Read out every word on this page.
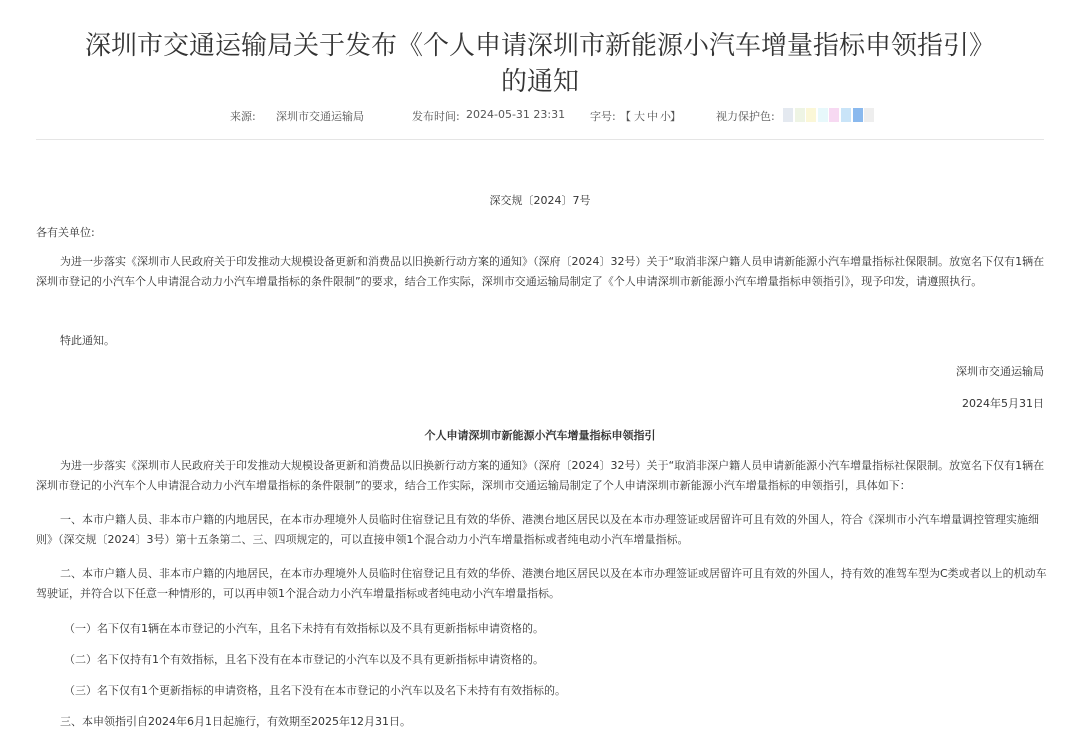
深圳市交通运输局关于发布《个人申请深圳市新能源小汽车增量指标申领指引》
的通知
来源: 深圳市交通运输局	发布时间: 2024-05-31 23:31 字号: 【 大 中 小 】	视力保护色:
深交规〔2024〕7号
各有关单位:
为进一步落实《深圳市人民政府关于印发推动大规模设备更新和消费品以旧换新行动方案的通知》（深府〔2024〕32号）关于“取消非深户籍人员申请新能源小汽车增量指标社保限制。放宽名下仅有1辆在深圳市登记的小汽车个人申请混合动力小汽车增量指标的条件限制”的要求，结合工作实际，深圳市交通运输局制定了《个人申请深圳市新能源小汽车增量指标申领指引》，现予印发，请遵照执行。
特此通知。
深圳市交通运输局
2024年5月31日
个人申请深圳市新能源小汽车增量指标申领指引
为进一步落实《深圳市人民政府关于印发推动大规模设备更新和消费品以旧换新行动方案的通知》（深府〔2024〕32号）关于“取消非深户籍人员申请新能源小汽车增量指标社保限制。放宽名下仅有1辆在深圳市登记的小汽车个人申请混合动力小汽车增量指标的条件限制”的要求，结合工作实际，深圳市交通运输局制定了个人申请深圳市新能源小汽车增量指标的申领指引，具体如下：
一、本市户籍人员、非本市户籍的内地居民，在本市办理境外人员临时住宿登记且有效的华侨、港澳台地区居民以及在本市办理签证或居留许可且有效的外国人，符合《深圳市小汽车增量调控管理实施细则》（深交规〔2024〕3号）第十五条第二、三、四项规定的，可以直接申领1个混合动力小汽车增量指标或者纯电动小汽车增量指标。
二、本市户籍人员、非本市户籍的内地居民，在本市办理境外人员临时住宿登记且有效的华侨、港澳台地区居民以及在本市办理签证或居留许可且有效的外国人，持有效的准驾车型为C类或者以上的机动车驾驶证，并符合以下任意一种情形的，可以再申领1个混合动力小汽车增量指标或者纯电动小汽车增量指标。
（一）名下仅有1辆在本市登记的小汽车，且名下未持有有效指标以及不具有更新指标申请资格的。
（二）名下仅持有1个有效指标，且名下没有在本市登记的小汽车以及不具有更新指标申请资格的。
（三）名下仅有1个更新指标的申请资格，且名下没有在本市登记的小汽车以及名下未持有有效指标的。
三、本申领指引自2024年6月1日起施行，有效期至2025年12月31日。
